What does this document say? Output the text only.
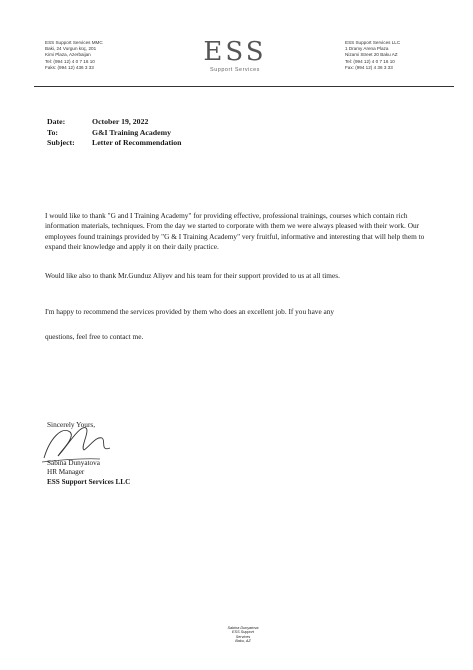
ESS Support Services MMC
Baki, 24 Vurgun küç, 201
Kimi Plaza, Azerbaijan
Tel: (994 12) 4 0 7 16 10
Faks: (994 12) 436 3 33
ESS
Support Services
ESS Support Services LLC
1 Dramy Arena Plaza
Nizami Street 20 Baku AZ
Tel: (994 12) 4 0 7 16 10
Fax: (994 12) 4 36 3 33
Date:	October 19, 2022
To:	G&I Training Academy
Subject:	Letter of Recommendation
I would like to thank "G and I Training Academy" for providing effective, professional trainings, courses which contain rich information materials, techniques. From the day we started to corporate with them we were always pleased with their work. Our employees found trainings provided by "G & I Training Academy" very fruitful, informative and interesting that will help them to expand their knowledge and apply it on their daily practice.
Would like also to thank Mr.Gunduz Aliyev and his team for their support provided to us at all times.
I'm happy to recommend the services provided by them who does an excellent job. If you have any
questions, feel free to contact me.
Sincerely Yours,
Sabina Dunyatova
HR Manager
ESS Support Services LLC
Sabina Dunyatova
ESS Support Services
Baku, AZ
